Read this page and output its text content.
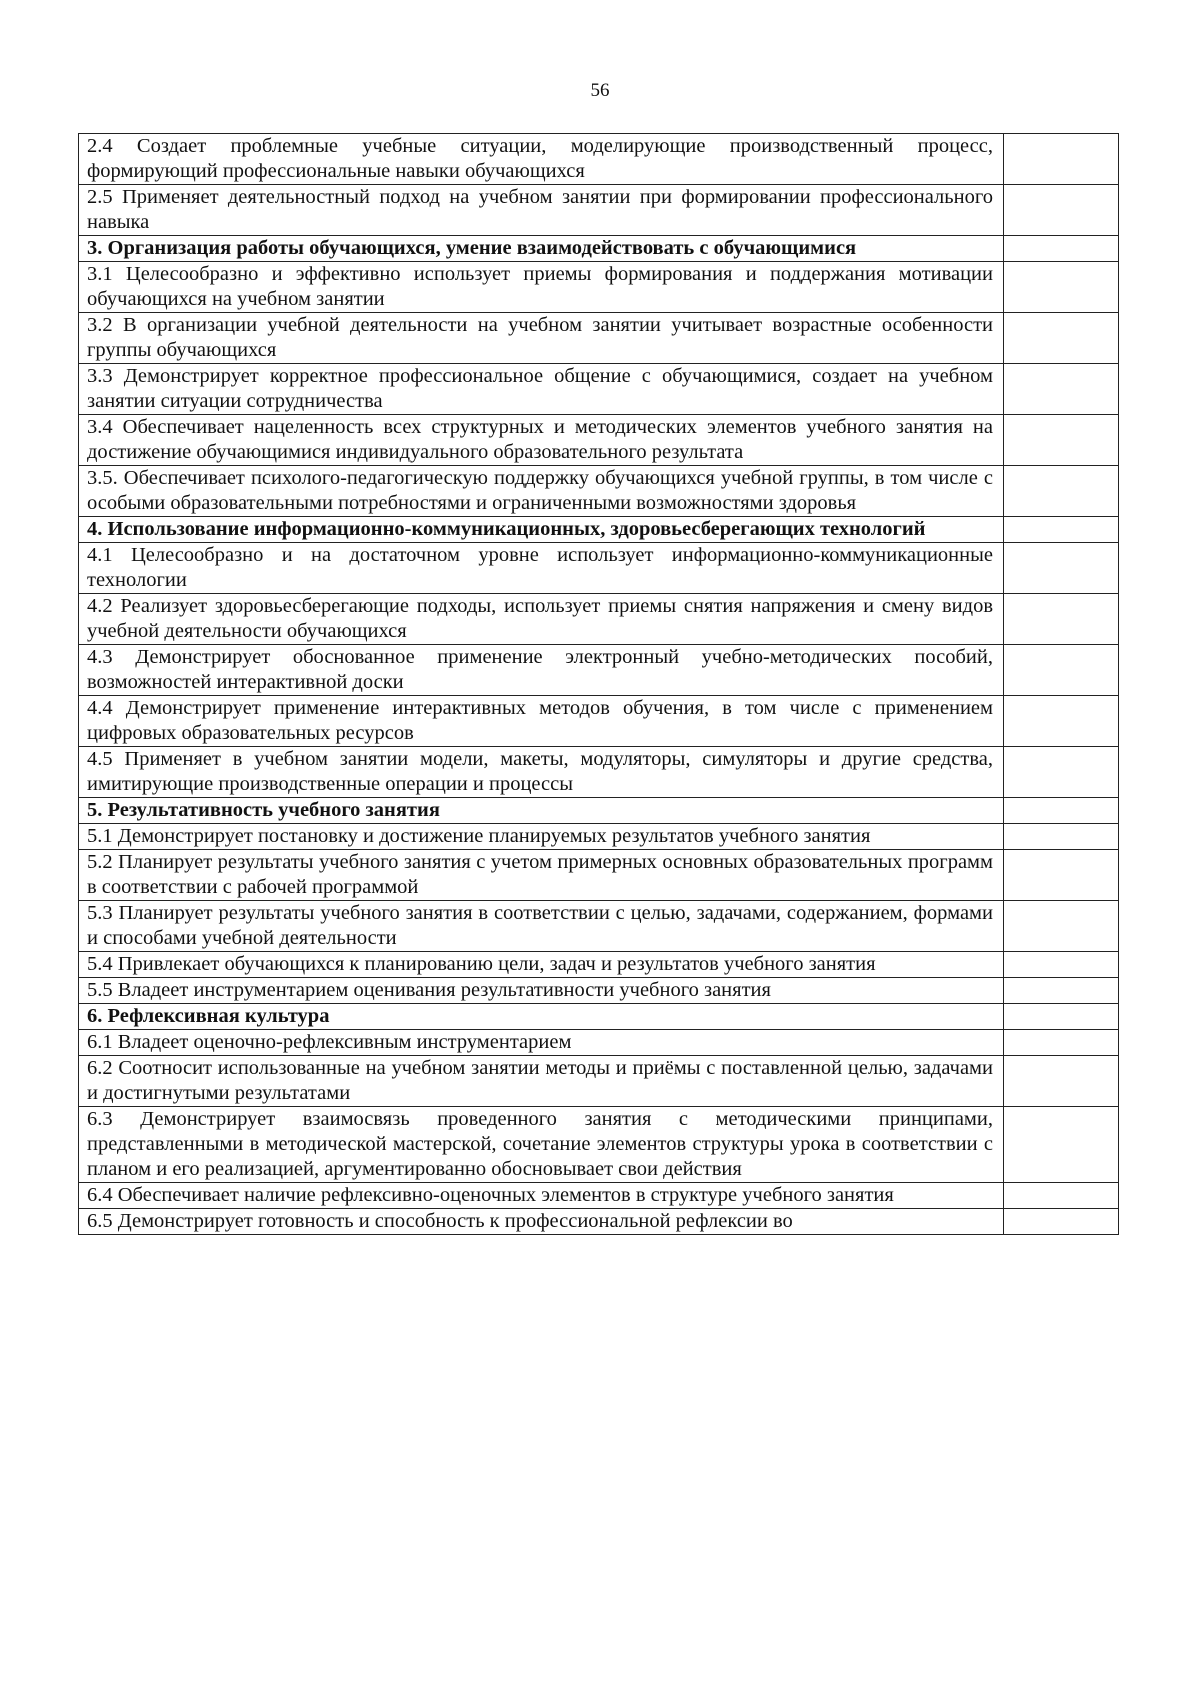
56
2.4 Создает проблемные учебные ситуации, моделирующие производственный процесс, формирующий профессиональные навыки обучающихся	
2.5 Применяет деятельностный подход на учебном занятии при формировании профессионального навыка	
3. Организация работы обучающихся, умение взаимодействовать с обучающимися	
3.1 Целесообразно и эффективно использует приемы формирования и поддержания мотивации обучающихся на учебном занятии	
3.2 В организации учебной деятельности на учебном занятии учитывает возрастные особенности группы обучающихся	
3.3 Демонстрирует корректное профессиональное общение с обучающимися, создает на учебном занятии ситуации сотрудничества	
3.4 Обеспечивает нацеленность всех структурных и методических элементов учебного занятия на достижение обучающимися индивидуального образовательного результата	
3.5. Обеспечивает психолого-педагогическую поддержку обучающихся учебной группы, в том числе с особыми образовательными потребностями и ограниченными возможностями здоровья	
4. Использование информационно-коммуникационных, здоровьесберегающих технологий	
4.1 Целесообразно и на достаточном уровне использует информационно-коммуникационные технологии	
4.2 Реализует здоровьесберегающие подходы, использует приемы снятия напряжения и смену видов учебной деятельности обучающихся	
4.3 Демонстрирует обоснованное применение электронный учебно-методических пособий, возможностей интерактивной доски	
4.4 Демонстрирует применение интерактивных методов обучения, в том числе с применением цифровых образовательных ресурсов	
4.5 Применяет в учебном занятии модели, макеты, модуляторы, симуляторы и другие средства, имитирующие производственные операции и процессы	
5. Результативность учебного занятия	
5.1 Демонстрирует постановку и достижение планируемых результатов учебного занятия	
5.2 Планирует результаты учебного занятия с учетом примерных основных образовательных программ в соответствии с рабочей программой	
5.3 Планирует результаты учебного занятия в соответствии с целью, задачами, содержанием, формами и способами учебной деятельности	
5.4 Привлекает обучающихся к планированию цели, задач и результатов учебного занятия	
5.5 Владеет инструментарием оценивания результативности учебного занятия	
6. Рефлексивная культура	
6.1 Владеет оценочно-рефлексивным инструментарием	
6.2 Соотносит использованные на учебном занятии методы и приёмы с поставленной целью, задачами и достигнутыми результатами	
6.3 Демонстрирует взаимосвязь проведенного занятия с методическими принципами, представленными в методической мастерской, сочетание элементов структуры урока в соответствии с планом и его реализацией, аргументированно обосновывает свои действия	
6.4 Обеспечивает наличие рефлексивно-оценочных элементов в структуре учебного занятия	
6.5 Демонстрирует готовность и способность к профессиональной рефлексии во	
